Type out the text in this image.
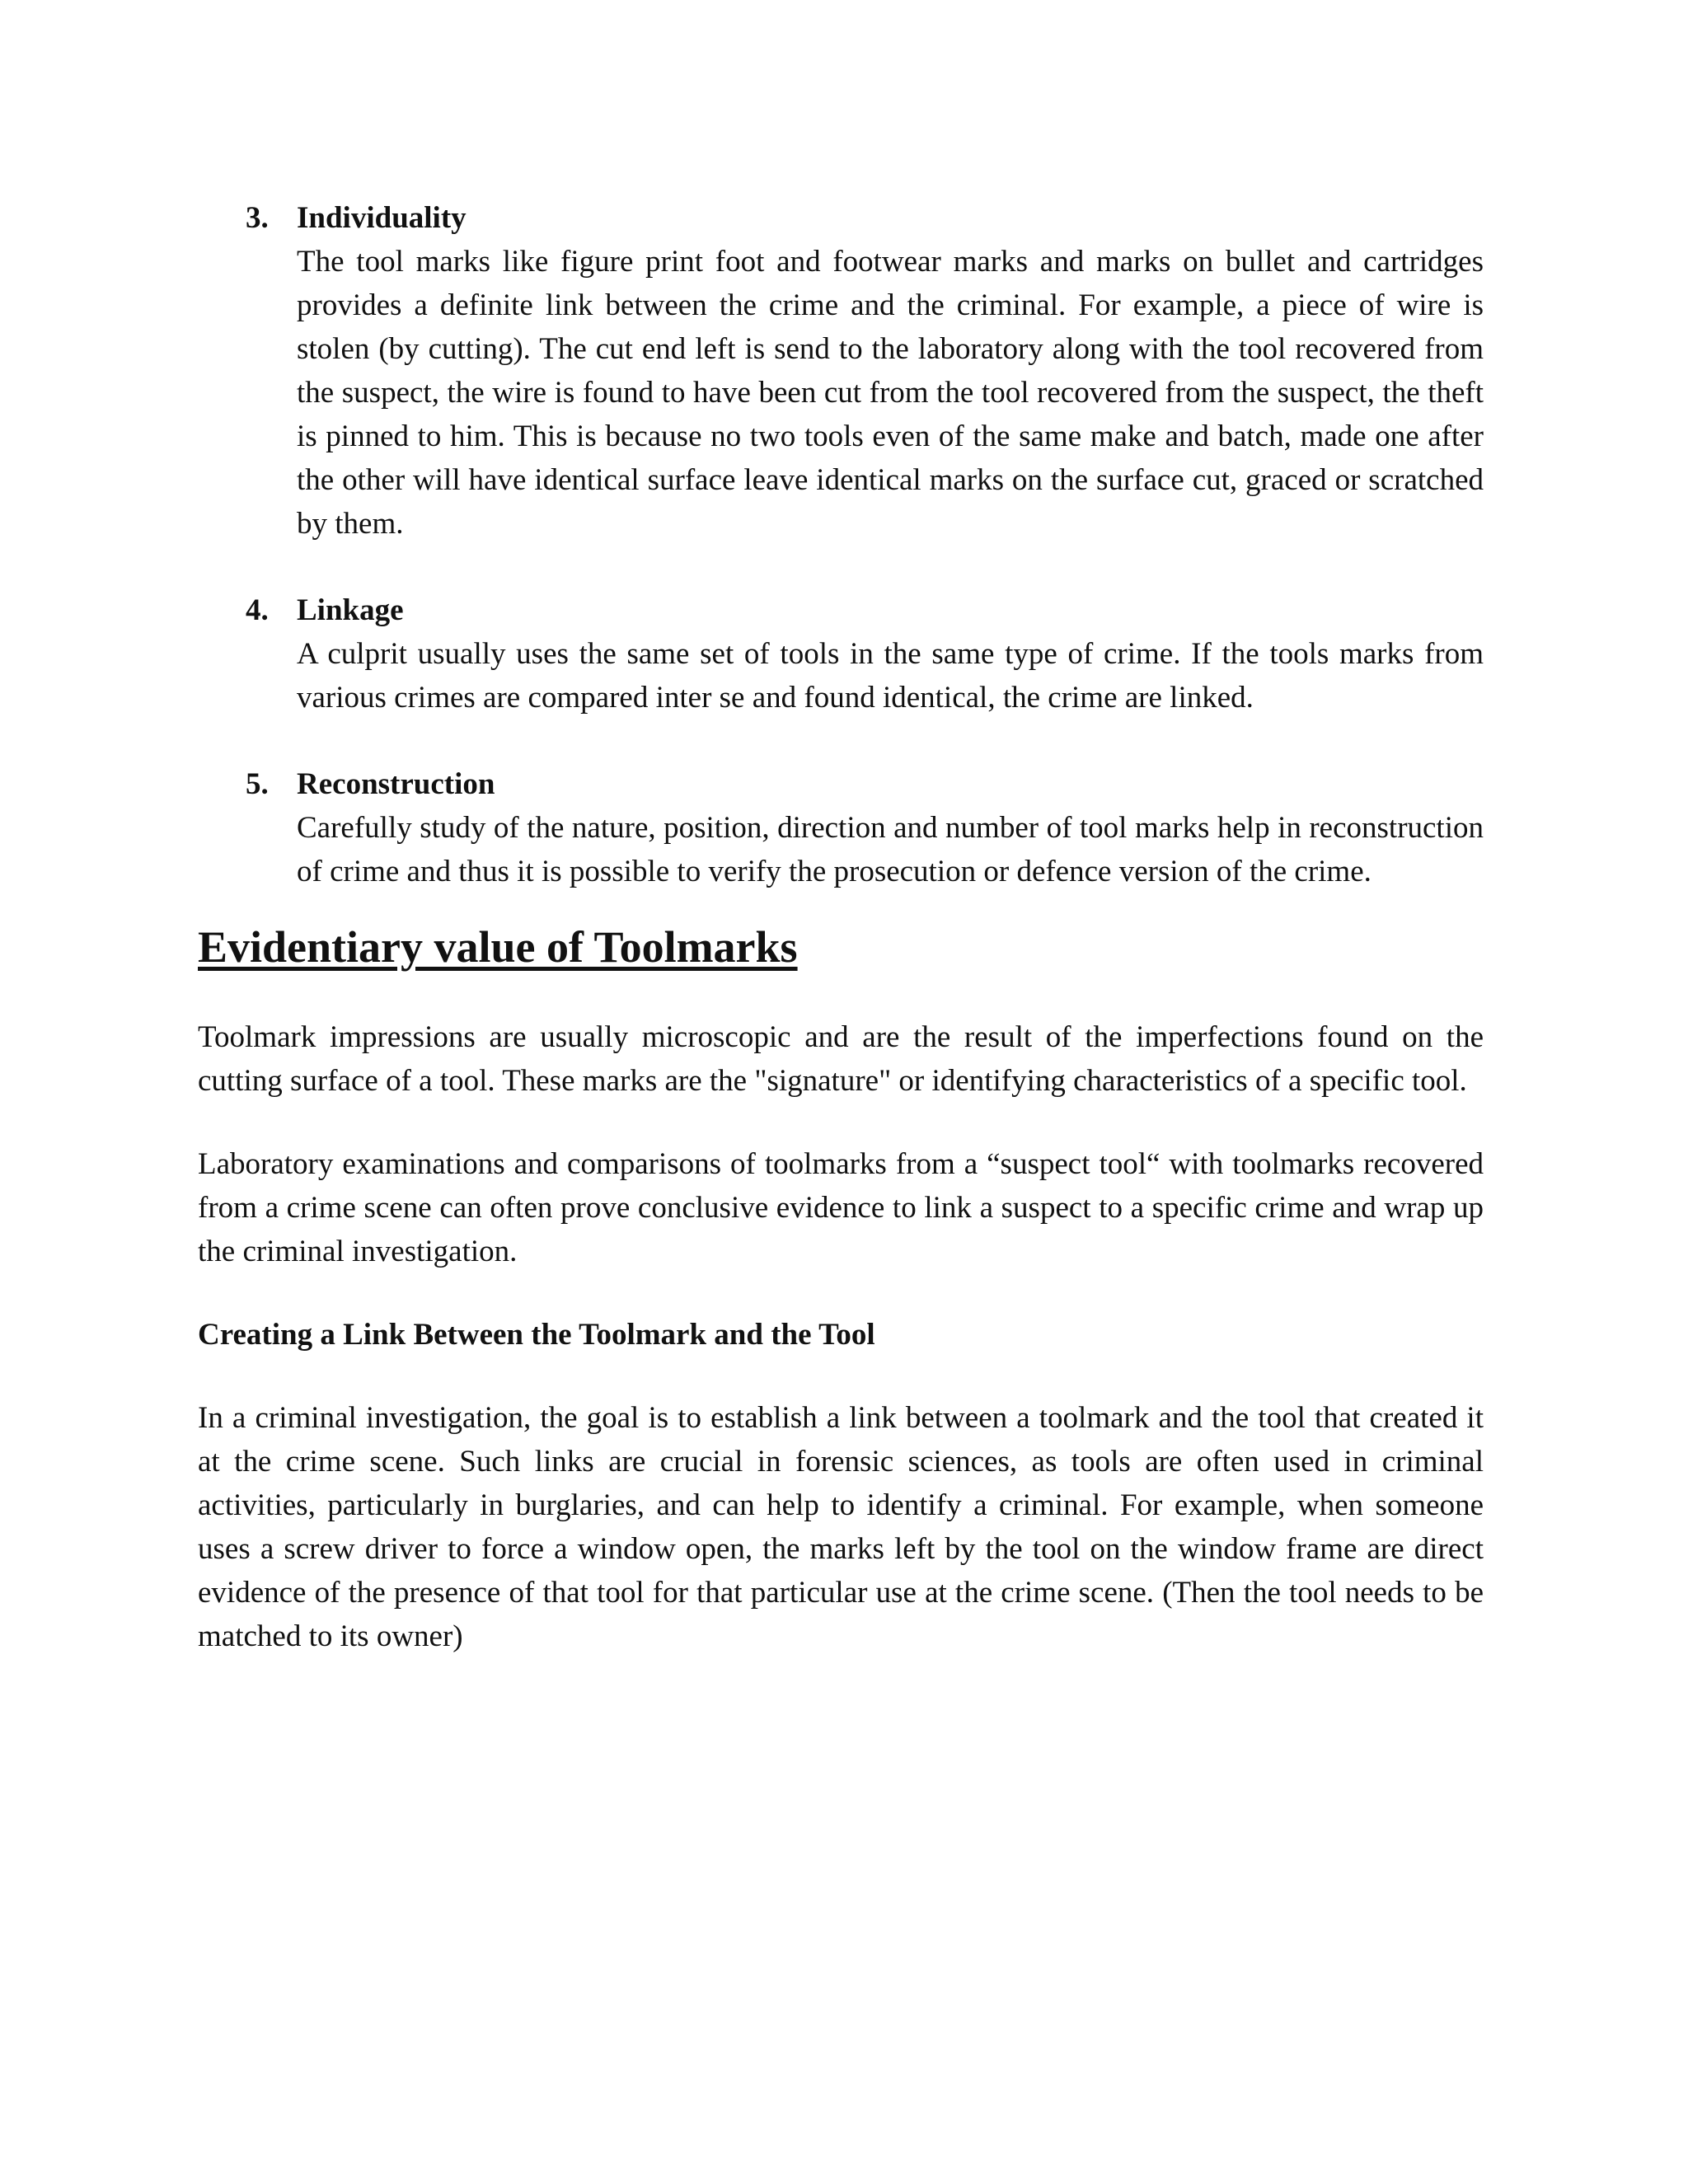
3. Individuality

The tool marks like figure print foot and footwear marks and marks on bullet and cartridges provides a definite link between the crime and the criminal. For example, a piece of wire is stolen (by cutting). The cut end left is send to the laboratory along with the tool recovered from the suspect, the wire is found to have been cut from the tool recovered from the suspect, the theft is pinned to him. This is because no two tools even of the same make and batch, made one after the other will have identical surface leave identical marks on the surface cut, graced or scratched by them.

4. Linkage

A culprit usually uses the same set of tools in the same type of crime. If the tools marks from various crimes are compared inter se and found identical, the crime are linked.

5. Reconstruction

Carefully study of the nature, position, direction and number of tool marks help in reconstruction of crime and thus it is possible to verify the prosecution or defence version of the crime.

Evidentiary value of Toolmarks

Toolmark impressions are usually microscopic and are the result of the imperfections found on the cutting surface of a tool. These marks are the "signature" or identifying characteristics of a specific tool.

Laboratory examinations and comparisons of toolmarks from a “suspect tool“ with toolmarks recovered from a crime scene can often prove conclusive evidence to link a suspect to a specific crime and wrap up the criminal investigation.

Creating a Link Between the Toolmark and the Tool

In a criminal investigation, the goal is to establish a link between a toolmark and the tool that created it at the crime scene. Such links are crucial in forensic sciences, as tools are often used in criminal activities, particularly in burglaries, and can help to identify a criminal. For example, when someone uses a screw driver to force a window open, the marks left by the tool on the window frame are direct evidence of the presence of that tool for that particular use at the crime scene. (Then the tool needs to be matched to its owner)
